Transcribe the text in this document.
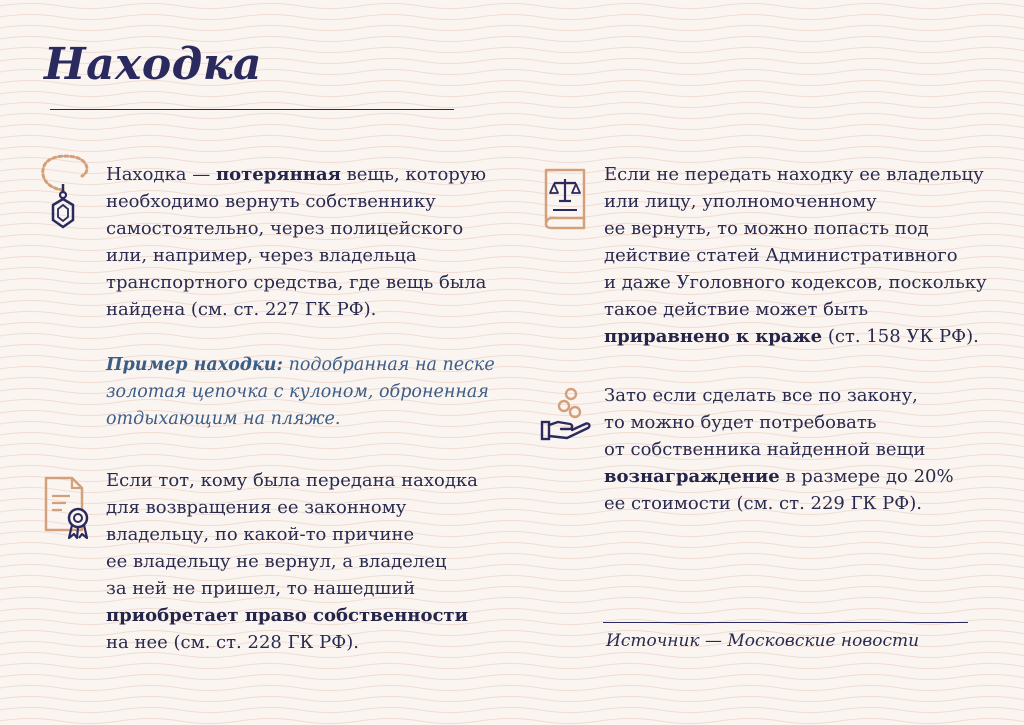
Находка

Находка — потерянная вещь, которую
необходимо вернуть собственнику
самостоятельно, через полицейского
или, например, через владельца
транспортного средства, где вещь была
найдена (см. ст. 227 ГК РФ).

Пример находки: подобранная на песке
золотая цепочка с кулоном, оброненная
отдыхающим на пляже.

Если тот, кому была передана находка
для возвращения ее законному
владельцу, по какой-то причине
ее владельцу не вернул, а владелец
за ней не пришел, то нашедший
приобретает право собственности
на нее (см. ст. 228 ГК РФ).

Если не передать находку ее владельцу
или лицу, уполномоченному
ее вернуть, то можно попасть под
действие статей Административного
и даже Уголовного кодексов, поскольку
такое действие может быть
приравнено к краже (ст. 158 УК РФ).

Зато если сделать все по закону,
то можно будет потребовать
от собственника найденной вещи
вознаграждение в размере до 20%
ее стоимости (см. ст. 229 ГК РФ).

Источник — Московские новости
